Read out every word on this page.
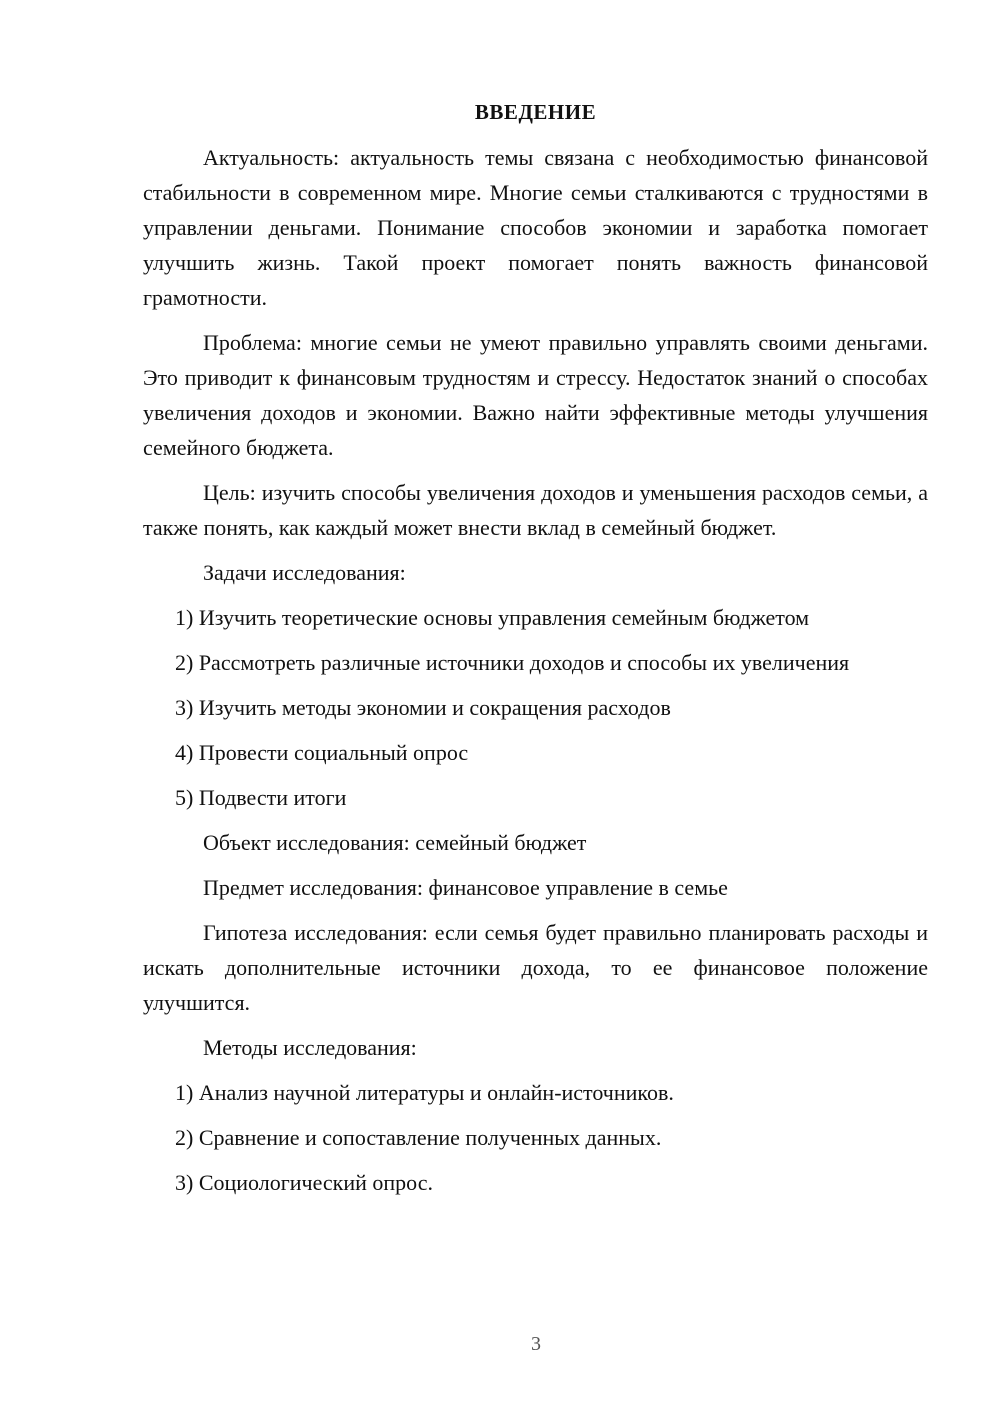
ВВЕДЕНИЕ

Актуальность: актуальность темы связана с необходимостью финансовой стабильности в современном мире. Многие семьи сталкиваются с трудностями в управлении деньгами. Понимание способов экономии и заработка помогает улучшить жизнь. Такой проект помогает понять важность финансовой грамотности.

Проблема: многие семьи не умеют правильно управлять своими деньгами. Это приводит к финансовым трудностям и стрессу. Недостаток знаний о способах увеличения доходов и экономии. Важно найти эффективные методы улучшения семейного бюджета.

Цель: изучить способы увеличения доходов и уменьшения расходов семьи, а также понять, как каждый может внести вклад в семейный бюджет.

Задачи исследования:

1) Изучить теоретические основы управления семейным бюджетом

2) Рассмотреть различные источники доходов и способы их увеличения

3) Изучить методы экономии и сокращения расходов

4) Провести социальный опрос

5) Подвести итоги

Объект исследования: семейный бюджет

Предмет исследования: финансовое управление в семье

Гипотеза исследования: если семья будет правильно планировать расходы и искать дополнительные источники дохода, то ее финансовое положение улучшится.

Методы исследования:

1) Анализ научной литературы и онлайн-источников.

2) Сравнение и сопоставление полученных данных.

3) Социологический опрос.

3
